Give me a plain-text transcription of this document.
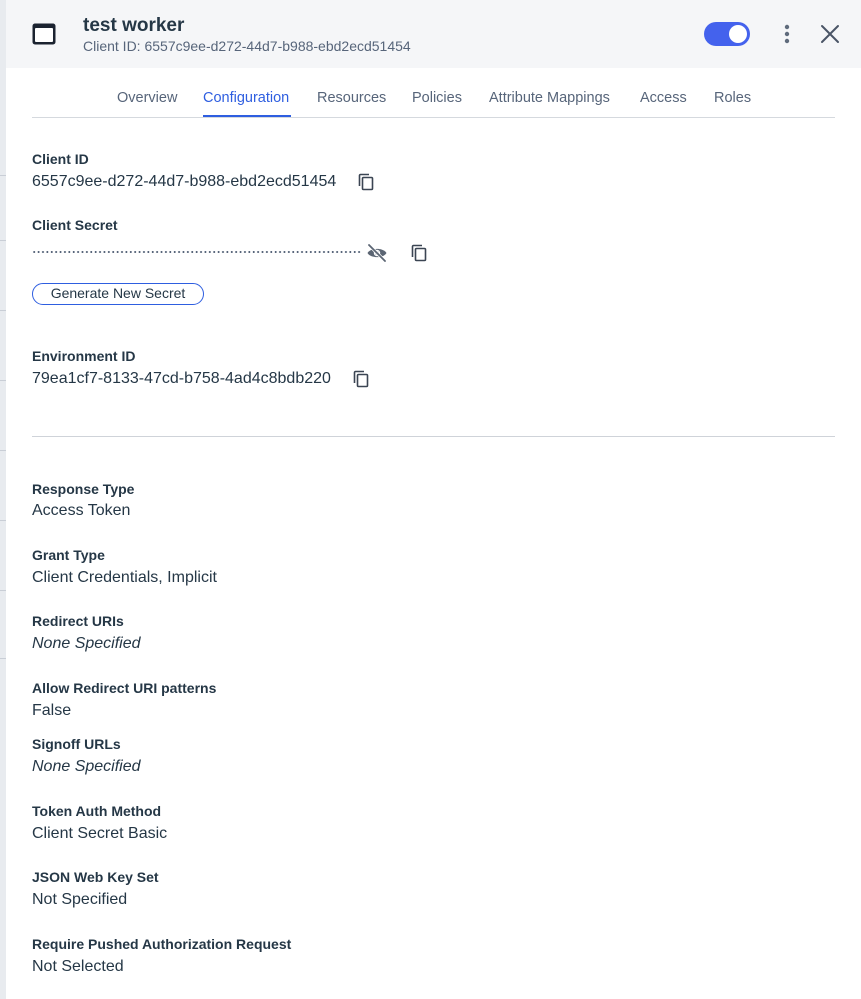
test worker
Client ID: 6557c9ee-d272-44d7-b988-ebd2ecd51454
Overview Configuration Resources Policies Attribute Mappings Access Roles
Client ID
6557c9ee-d272-44d7-b988-ebd2ecd51454
Client Secret
Generate New Secret
Environment ID
79ea1cf7-8133-47cd-b758-4ad4c8bdb220
Response Type
Access Token
Grant Type
Client Credentials, Implicit
Redirect URIs
None Specified
Allow Redirect URI patterns
False
Signoff URLs
None Specified
Token Auth Method
Client Secret Basic
JSON Web Key Set
Not Specified
Require Pushed Authorization Request
Not Selected
